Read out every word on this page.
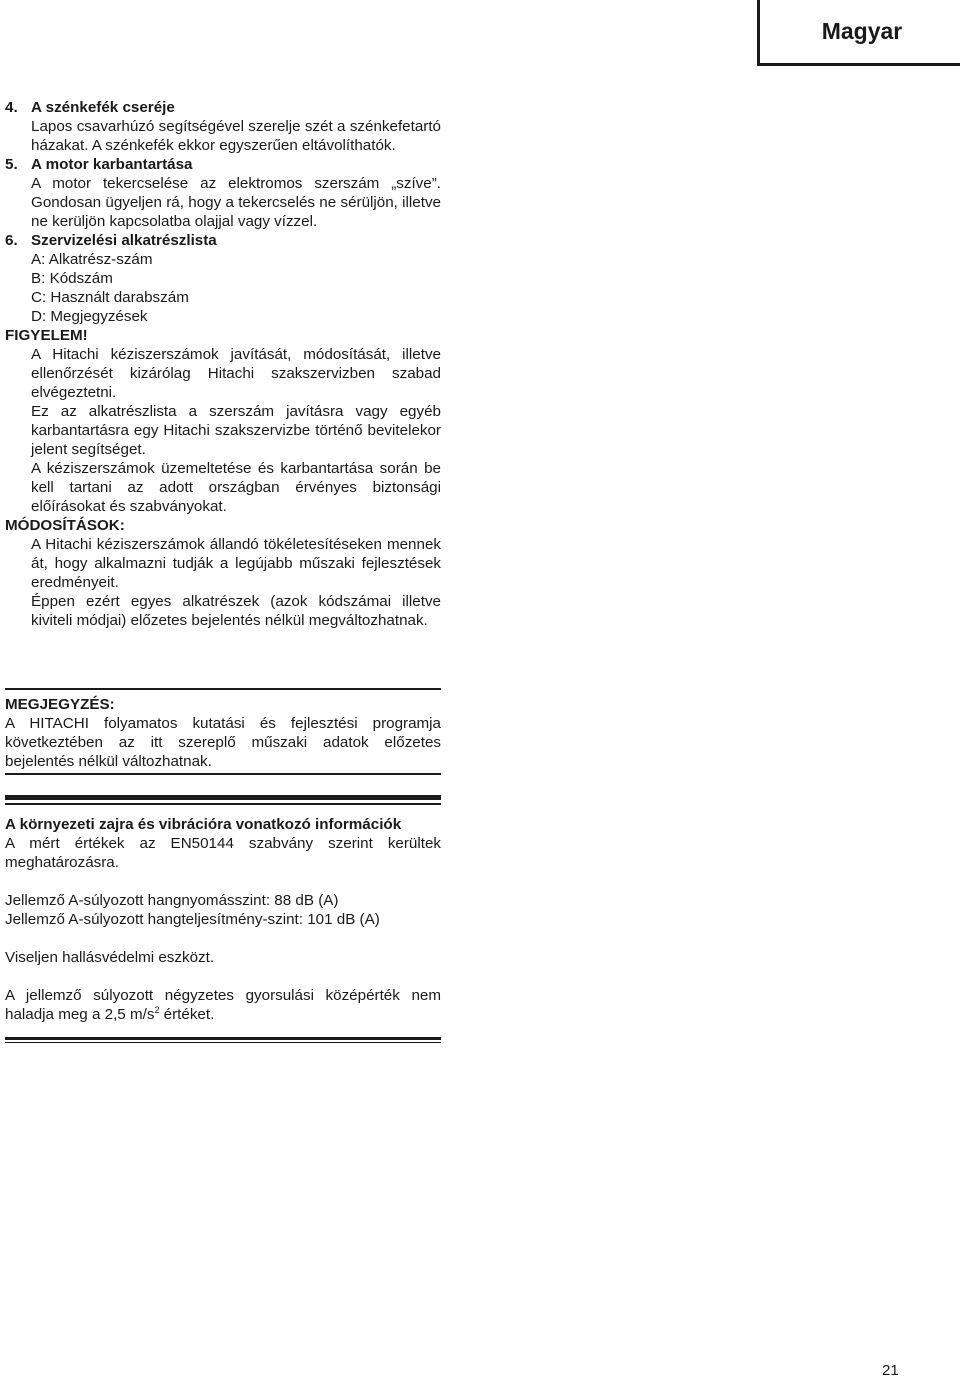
Magyar

4. A szénkefék cseréje

Lapos csavarhúzó segítségével szerelje szét a szénkefetartó házakat. A szénkefék ekkor egyszerűen eltávolíthatók.

5. A motor karbantartása

A motor tekercselése az elektromos szerszám „szíve”. Gondosan ügyeljen rá, hogy a tekercselés ne sérüljön, illetve ne kerüljön kapcsolatba olajjal vagy vízzel.

6. Szervizelési alkatrészlista

A: Alkatrész-szám

B: Kódszám

C: Használt darabszám

D: Megjegyzések

FIGYELEM!

A Hitachi kéziszerszámok javítását, módosítását, illetve ellenőrzését kizárólag Hitachi szakszervizben szabad elvégeztetni.

Ez az alkatrészlista a szerszám javításra vagy egyéb karbantartásra egy Hitachi szakszervizbe történő bevitelekor jelent segítséget.

A kéziszerszámok üzemeltetése és karbantartása során be kell tartani az adott országban érvényes biztonsági előírásokat és szabványokat.

MÓDOSÍTÁSOK:

A Hitachi kéziszerszámok állandó tökéletesítéseken mennek át, hogy alkalmazni tudják a legújabb műszaki fejlesztések eredményeit.

Éppen ezért egyes alkatrészek (azok kódszámai illetve kiviteli módjai) előzetes bejelentés nélkül megváltozhatnak.

MEGJEGYZÉS:

A HITACHI folyamatos kutatási és fejlesztési programja következtében az itt szereplő műszaki adatok előzetes bejelentés nélkül változhatnak.

A környezeti zajra és vibrációra vonatkozó információk

A mért értékek az EN50144 szabvány szerint kerültek meghatározásra.

Jellemző A-súlyozott hangnyomásszint: 88 dB (A)

Jellemző A-súlyozott hangteljesítmény-szint: 101 dB (A)

Viseljen hallásvédelmi eszközt.

A jellemző súlyozott négyzetes gyorsulási középérték nem haladja meg a 2,5 $m/s^2$ értéket.

21
